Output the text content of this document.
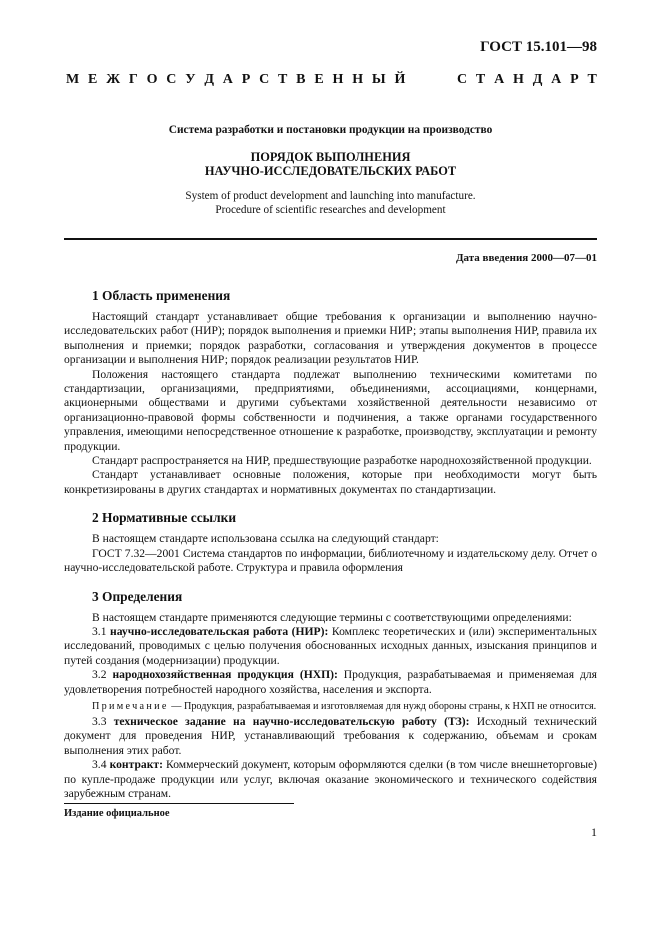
ГОСТ 15.101—98
М Е Ж Г О С У Д А Р С Т В Е Н Н Ы Й	С Т А Н Д А Р Т
Система разработки и постановки продукции на производство
ПОРЯДОК ВЫПОЛНЕНИЯ
НАУЧНО-ИССЛЕДОВАТЕЛЬСКИХ РАБОТ
System of product development and launching into manufacture.
Procedure of scientific researches and development
Дата введения 2000—07—01
1 Область применения

Настоящий стандарт устанавливает общие требования к организации и выполнению научно-исследовательских работ (НИР); порядок выполнения и приемки НИР; этапы выполнения НИР, правила их выполнения и приемки; порядок разработки, согласования и утверждения документов в процессе организации и выполнения НИР; порядок реализации результатов НИР.

Положения настоящего стандарта подлежат выполнению техническими комитетами по стандартизации, организациями, предприятиями, объединениями, ассоциациями, концернами, акционерными обществами и другими субъектами хозяйственной деятельности независимо от организационно-правовой формы собственности и подчинения, а также органами государственного управления, имеющими непосредственное отношение к разработке, производству, эксплуатации и ремонту продукции.

Стандарт распространяется на НИР, предшествующие разработке народнохозяйственной продукции.

Стандарт устанавливает основные положения, которые при необходимости могут быть конкретизированы в других стандартах и нормативных документах по стандартизации.

2 Нормативные ссылки

В настоящем стандарте использована ссылка на следующий стандарт:

ГОСТ 7.32—2001 Система стандартов по информации, библиотечному и издательскому делу. Отчет о научно-исследовательской работе. Структура и правила оформления

3 Определения

В настоящем стандарте применяются следующие термины с соответствующими определениями:

3.1 научно-исследовательская работа (НИР): Комплекс теоретических и (или) экспериментальных исследований, проводимых с целью получения обоснованных исходных данных, изыскания принципов и путей создания (модернизации) продукции.

3.2 народнохозяйственная продукция (НХП): Продукция, разрабатываемая и применяемая для удовлетворения потребностей народного хозяйства, населения и экспорта.

Примечание — Продукция, разрабатываемая и изготовляемая для нужд обороны страны, к НХП не относится.

3.3 техническое задание на научно-исследовательскую работу (ТЗ): Исходный технический документ для проведения НИР, устанавливающий требования к содержанию, объемам и срокам выполнения этих работ.

3.4 контракт: Коммерческий документ, которым оформляются сделки (в том числе внешнеторговые) по купле-продаже продукции или услуг, включая оказание экономического и технического содействия зарубежным странам.

Издание официальное
1
